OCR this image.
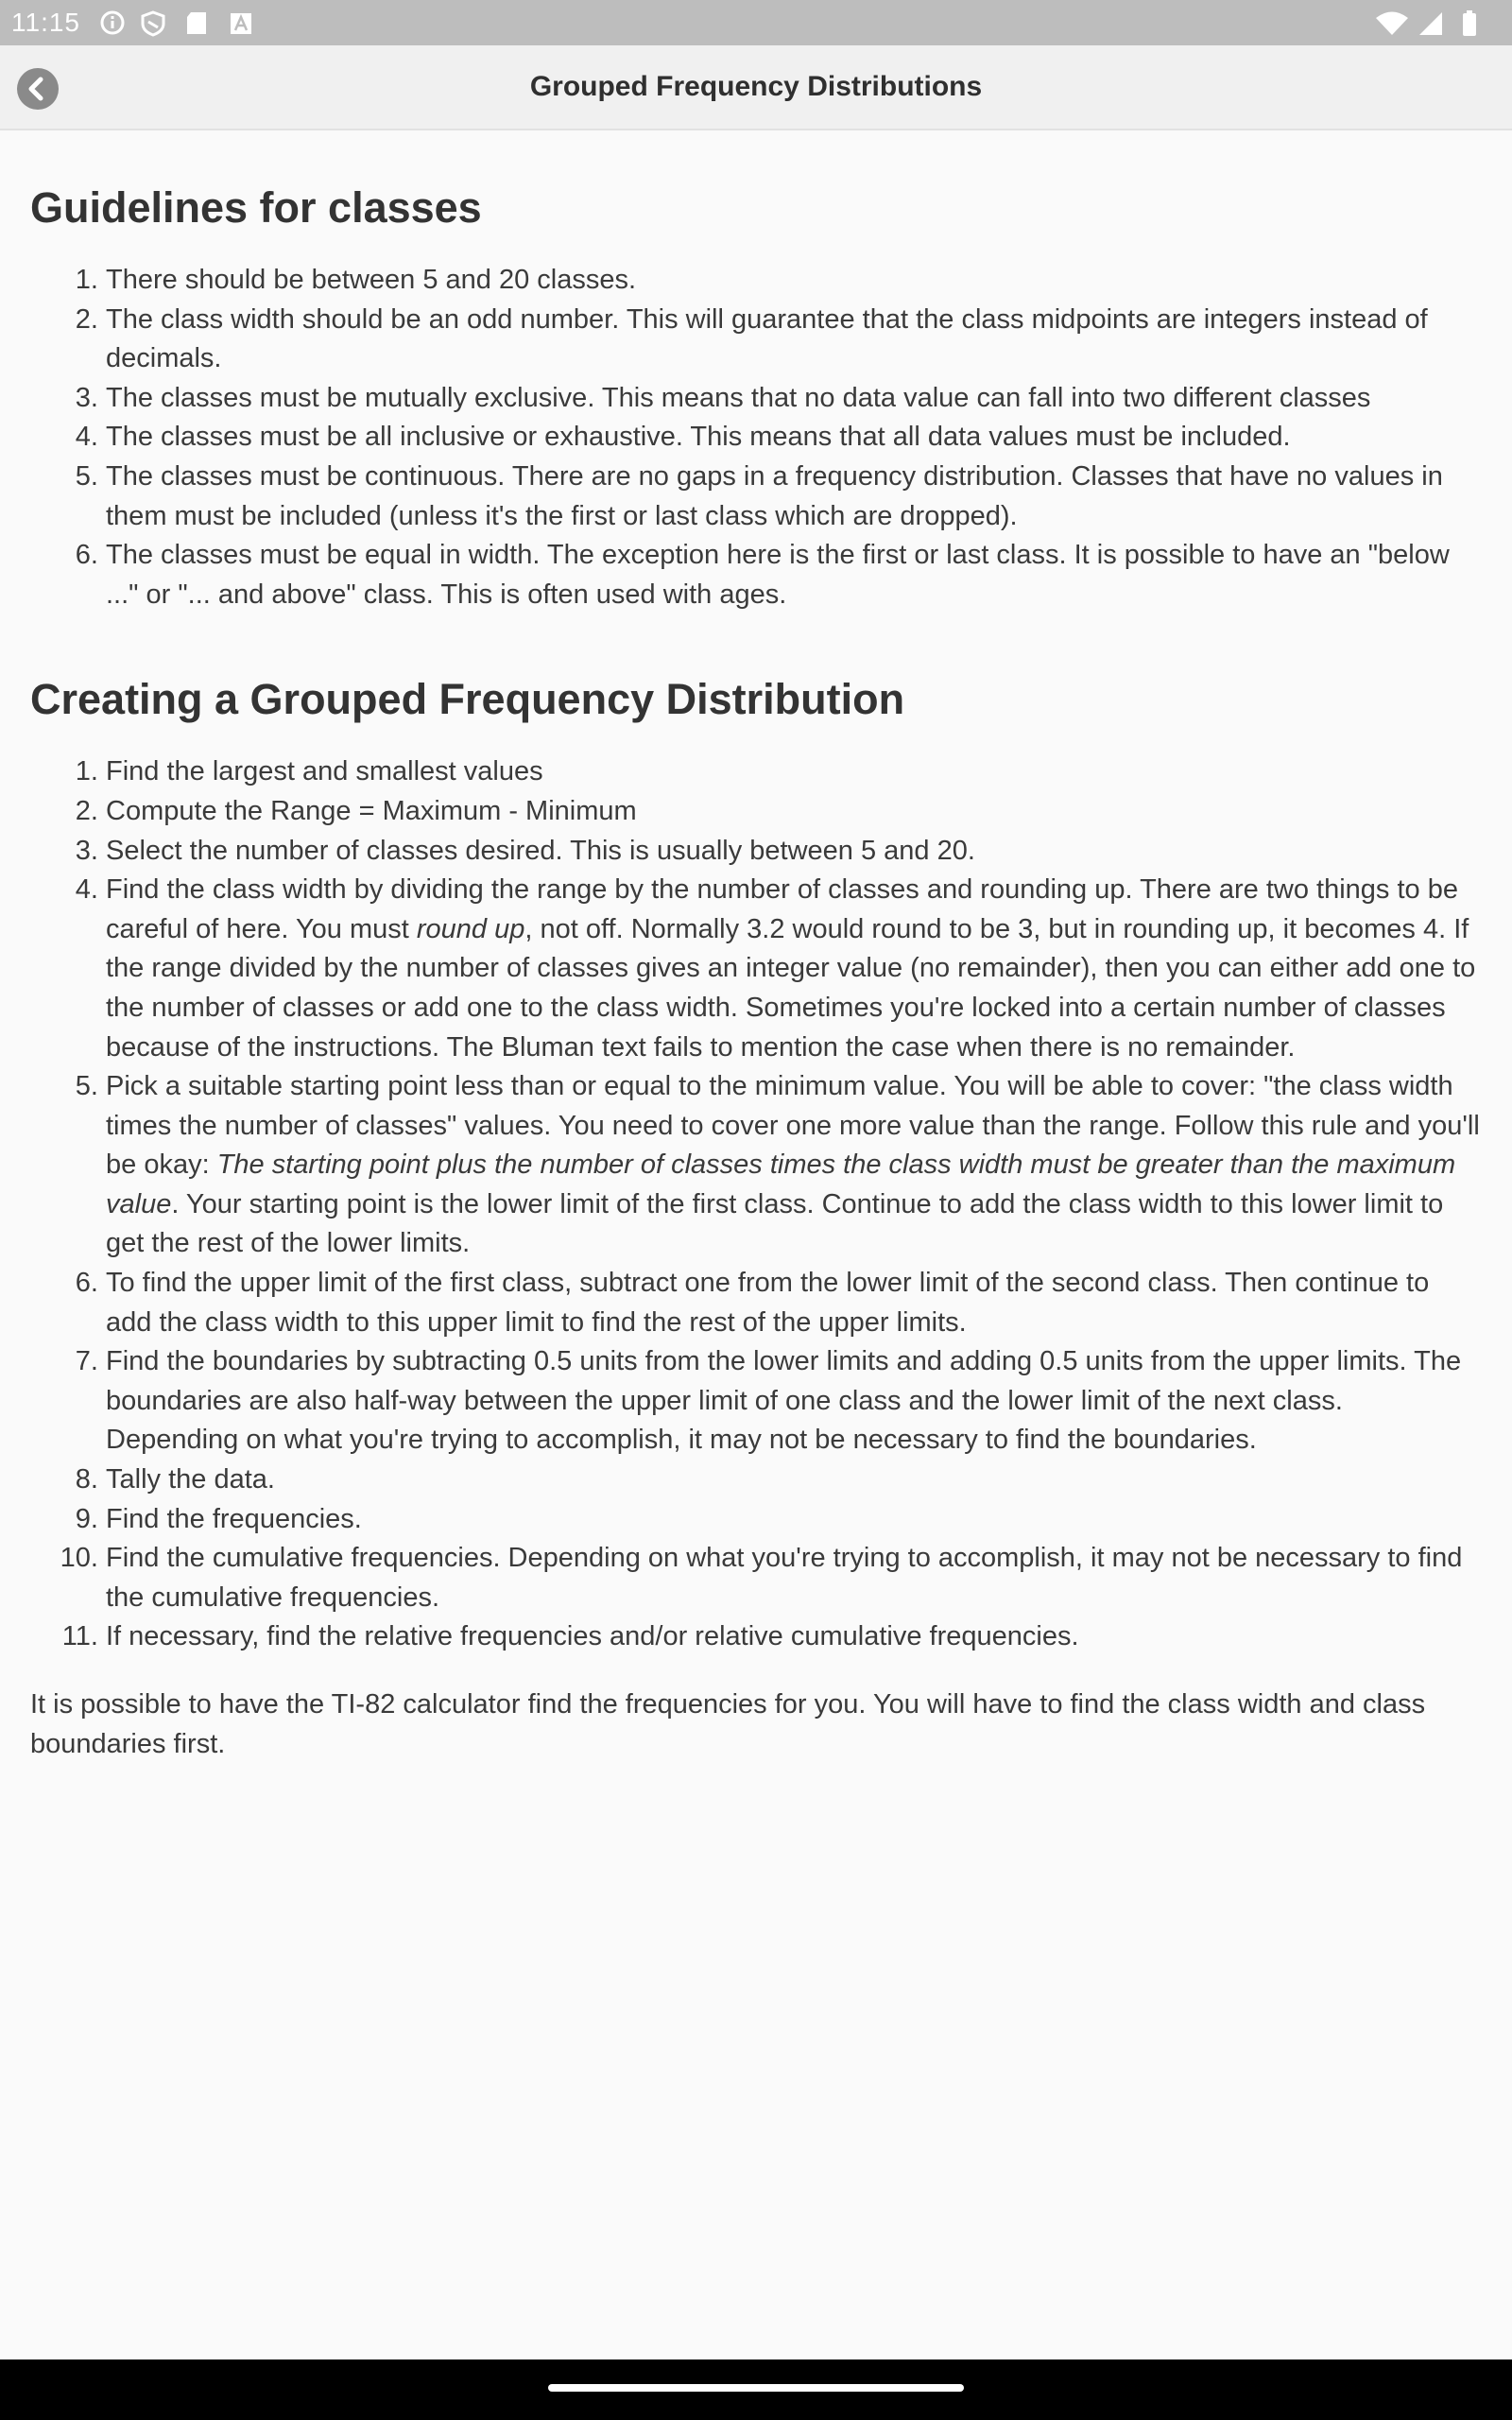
11:15
Grouped Frequency Distributions
Guidelines for classes
1. There should be between 5 and 20 classes.
2. The class width should be an odd number. This will guarantee that the class midpoints are integers instead of decimals.
3. The classes must be mutually exclusive. This means that no data value can fall into two different classes
4. The classes must be all inclusive or exhaustive. This means that all data values must be included.
5. The classes must be continuous. There are no gaps in a frequency distribution. Classes that have no values in them must be included (unless it's the first or last class which are dropped).
6. The classes must be equal in width. The exception here is the first or last class. It is possible to have an "below ..." or "... and above" class. This is often used with ages.
Creating a Grouped Frequency Distribution
1. Find the largest and smallest values
2. Compute the Range = Maximum - Minimum
3. Select the number of classes desired. This is usually between 5 and 20.
4. Find the class width by dividing the range by the number of classes and rounding up. There are two things to be careful of here. You must round up, not off. Normally 3.2 would round to be 3, but in rounding up, it becomes 4. If the range divided by the number of classes gives an integer value (no remainder), then you can either add one to the number of classes or add one to the class width. Sometimes you're locked into a certain number of classes because of the instructions. The Bluman text fails to mention the case when there is no remainder.
5. Pick a suitable starting point less than or equal to the minimum value. You will be able to cover: "the class width times the number of classes" values. You need to cover one more value than the range. Follow this rule and you'll be okay: The starting point plus the number of classes times the class width must be greater than the maximum value. Your starting point is the lower limit of the first class. Continue to add the class width to this lower limit to get the rest of the lower limits.
6. To find the upper limit of the first class, subtract one from the lower limit of the second class. Then continue to add the class width to this upper limit to find the rest of the upper limits.
7. Find the boundaries by subtracting 0.5 units from the lower limits and adding 0.5 units from the upper limits. The boundaries are also half-way between the upper limit of one class and the lower limit of the next class. Depending on what you're trying to accomplish, it may not be necessary to find the boundaries.
8. Tally the data.
9. Find the frequencies.
10. Find the cumulative frequencies. Depending on what you're trying to accomplish, it may not be necessary to find the cumulative frequencies.
11. If necessary, find the relative frequencies and/or relative cumulative frequencies.

It is possible to have the TI-82 calculator find the frequencies for you. You will have to find the class width and class boundaries first.
